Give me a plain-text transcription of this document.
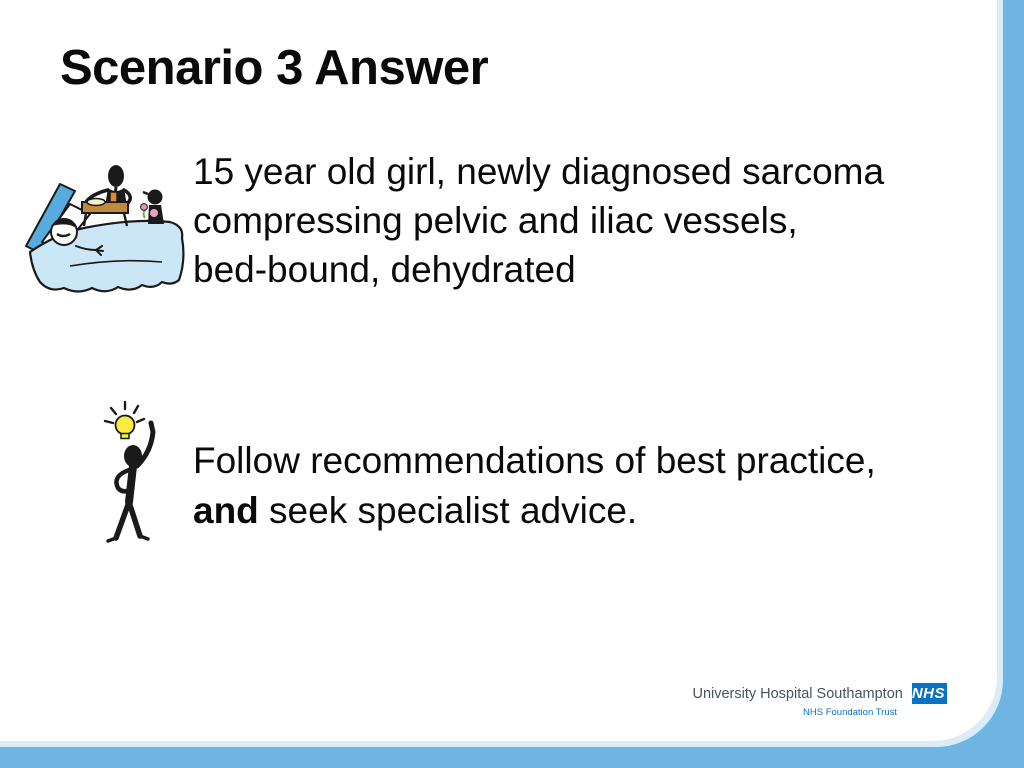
Scenario 3 Answer
15 year old girl, newly diagnosed sarcoma
compressing pelvic and iliac vessels,
bed-bound, dehydrated
Follow recommendations of best practice,
and seek specialist advice.
University Hospital Southampton NHS
NHS Foundation Trust
